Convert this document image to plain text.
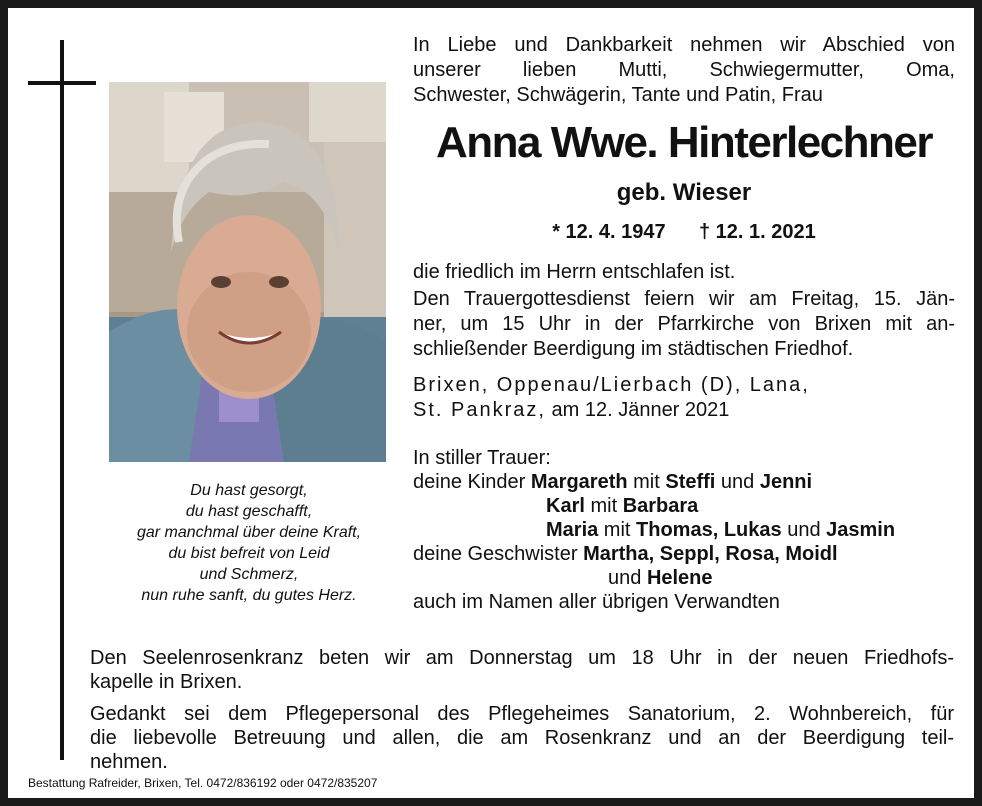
Du hast gesorgt,
du hast geschafft,
gar manchmal über deine Kraft,
du bist befreit von Leid
und Schmerz,
nun ruhe sanft, du gutes Herz.
In Liebe und Dankbarkeit nehmen wir Abschied von
unserer lieben Mutti, Schwiegermutter, Oma,
Schwester, Schwägerin, Tante und Patin, Frau
Anna Wwe. Hinterlechner
geb. Wieser
* 12. 4. 1947 † 12. 1. 2021
die friedlich im Herrn entschlafen ist.
Den Trauergottesdienst feiern wir am Freitag, 15. Jän-
ner, um 15 Uhr in der Pfarrkirche von Brixen mit an-
schließender Beerdigung im städtischen Friedhof.
Brixen, Oppenau/Lierbach (D), Lana,
St. Pankraz, am 12. Jänner 2021
In stiller Trauer:
deine Kinder Margareth mit Steffi und Jenni
Karl mit Barbara
Maria mit Thomas, Lukas und Jasmin
deine Geschwister Martha, Seppl, Rosa, Moidl
und Helene
auch im Namen aller übrigen Verwandten
Den Seelenrosenkranz beten wir am Donnerstag um 18 Uhr in der neuen Friedhofs-
kapelle in Brixen.
Gedankt sei dem Pflegepersonal des Pflegeheimes Sanatorium, 2. Wohnbereich, für
die liebevolle Betreuung und allen, die am Rosenkranz und an der Beerdigung teil-
nehmen.
Bestattung Rafreider, Brixen, Tel. 0472/836192 oder 0472/835207
